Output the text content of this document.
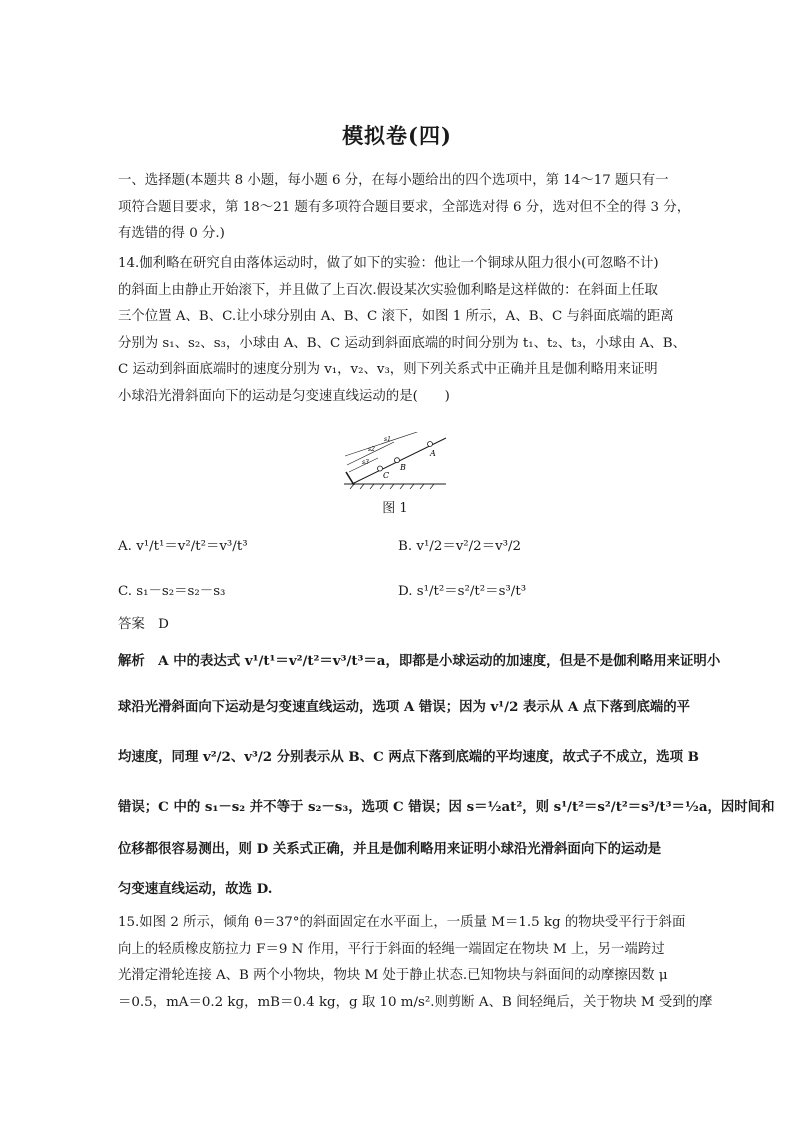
模拟卷(四)
一、选择题(本题共 8 小题，每小题 6 分，在每小题给出的四个选项中，第 14～17 题只有一
项符合题目要求，第 18～21 题有多项符合题目要求，全部选对得 6 分，选对但不全的得 3 分，
有选错的得 0 分.)
14.伽利略在研究自由落体运动时，做了如下的实验：他让一个铜球从阻力很小(可忽略不计)
的斜面上由静止开始滚下，并且做了上百次.假设某次实验伽利略是这样做的：在斜面上任取
三个位置 A、B、C.让小球分别由 A、B、C 滚下，如图 1 所示，A、B、C 与斜面底端的距离
分别为 s₁、s₂、s₃，小球由 A、B、C 运动到斜面底端的时间分别为 t₁、t₂、t₃，小球由 A、B、
C 运动到斜面底端时的速度分别为 v₁，v₂、v₃，则下列关系式中正确并且是伽利略用来证明
小球沿光滑斜面向下的运动是匀变速直线运动的是(　　)
s3
s2
s1
C
B
A
图 1
A. v¹/t¹＝v²/t²＝v³/t³	B. v¹/2＝v²/2＝v³/2
C. s₁－s₂＝s₂－s₃	D. s¹/t²＝s²/t²＝s³/t³
答案　D
解析　A 中的表达式 v¹/t¹＝v²/t²＝v³/t³＝a，即都是小球运动的加速度，但是不是伽利略用来证明小
球沿光滑斜面向下运动是匀变速直线运动，选项 A 错误；因为 v¹/2 表示从 A 点下落到底端的平
均速度，同理 v²/2、v³/2 分别表示从 B、C 两点下落到底端的平均速度，故式子不成立，选项 B
错误；C 中的 s₁－s₂ 并不等于 s₂－s₃，选项 C 错误；因 s＝½at²，则 s¹/t²＝s²/t²＝s³/t³＝½a，因时间和
位移都很容易测出，则 D 关系式正确，并且是伽利略用来证明小球沿光滑斜面向下的运动是
匀变速直线运动，故选 D.
15.如图 2 所示，倾角 θ＝37°的斜面固定在水平面上，一质量 M＝1.5 kg 的物块受平行于斜面
向上的轻质橡皮筋拉力 F＝9 N 作用，平行于斜面的轻绳一端固定在物块 M 上，另一端跨过
光滑定滑轮连接 A、B 两个小物块，物块 M 处于静止状态.已知物块与斜面间的动摩擦因数 μ
＝0.5，mA＝0.2 kg，mB＝0.4 kg，g 取 10 m/s².则剪断 A、B 间轻绳后，关于物块 M 受到的摩
